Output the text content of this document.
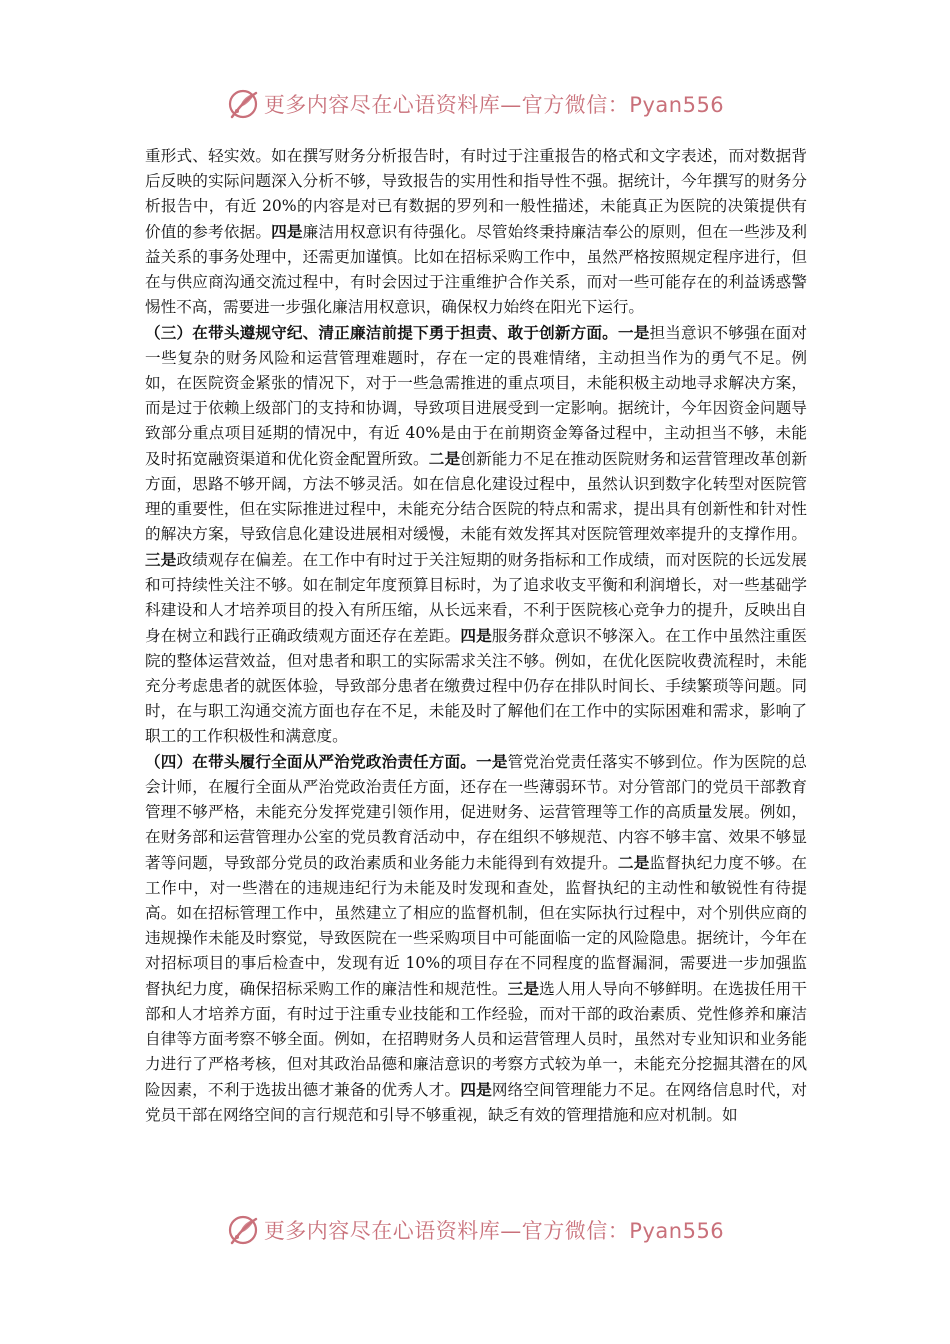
更多内容尽在心语资料库—官方微信：Pyan556

重形式、轻实效。如在撰写财务分析报告时，有时过于注重报告的格式和文字表述，而对数据背后反映的实际问题深入分析不够，导致报告的实用性和指导性不强。据统计，今年撰写的财务分析报告中，有近 20%的内容是对已有数据的罗列和一般性描述，未能真正为医院的决策提供有价值的参考依据。四是廉洁用权意识有待强化。尽管始终秉持廉洁奉公的原则，但在一些涉及利益关系的事务处理中，还需更加谨慎。比如在招标采购工作中，虽然严格按照规定程序进行，但在与供应商沟通交流过程中，有时会因过于注重维护合作关系，而对一些可能存在的利益诱惑警惕性不高，需要进一步强化廉洁用权意识，确保权力始终在阳光下运行。

（三）在带头遵规守纪、清正廉洁前提下勇于担责、敢于创新方面。一是担当意识不够强在面对一些复杂的财务风险和运营管理难题时，存在一定的畏难情绪，主动担当作为的勇气不足。例如，在医院资金紧张的情况下，对于一些急需推进的重点项目，未能积极主动地寻求解决方案，而是过于依赖上级部门的支持和协调，导致项目进展受到一定影响。据统计，今年因资金问题导致部分重点项目延期的情况中，有近 40%是由于在前期资金筹备过程中，主动担当不够，未能及时拓宽融资渠道和优化资金配置所致。二是创新能力不足在推动医院财务和运营管理改革创新方面，思路不够开阔，方法不够灵活。如在信息化建设过程中，虽然认识到数字化转型对医院管理的重要性，但在实际推进过程中，未能充分结合医院的特点和需求，提出具有创新性和针对性的解决方案，导致信息化建设进展相对缓慢，未能有效发挥其对医院管理效率提升的支撑作用。三是政绩观存在偏差。在工作中有时过于关注短期的财务指标和工作成绩，而对医院的长远发展和可持续性关注不够。如在制定年度预算目标时，为了追求收支平衡和利润增长，对一些基础学科建设和人才培养项目的投入有所压缩，从长远来看，不利于医院核心竞争力的提升，反映出自身在树立和践行正确政绩观方面还存在差距。四是服务群众意识不够深入。在工作中虽然注重医院的整体运营效益，但对患者和职工的实际需求关注不够。例如，在优化医院收费流程时，未能充分考虑患者的就医体验，导致部分患者在缴费过程中仍存在排队时间长、手续繁琐等问题。同时，在与职工沟通交流方面也存在不足，未能及时了解他们在工作中的实际困难和需求，影响了职工的工作积极性和满意度。

（四）在带头履行全面从严治党政治责任方面。一是管党治党责任落实不够到位。作为医院的总会计师，在履行全面从严治党政治责任方面，还存在一些薄弱环节。对分管部门的党员干部教育管理不够严格，未能充分发挥党建引领作用，促进财务、运营管理等工作的高质量发展。例如，在财务部和运营管理办公室的党员教育活动中，存在组织不够规范、内容不够丰富、效果不够显著等问题，导致部分党员的政治素质和业务能力未能得到有效提升。二是监督执纪力度不够。在工作中，对一些潜在的违规违纪行为未能及时发现和查处，监督执纪的主动性和敏锐性有待提高。如在招标管理工作中，虽然建立了相应的监督机制，但在实际执行过程中，对个别供应商的违规操作未能及时察觉，导致医院在一些采购项目中可能面临一定的风险隐患。据统计，今年在对招标项目的事后检查中，发现有近 10%的项目存在不同程度的监督漏洞，需要进一步加强监督执纪力度，确保招标采购工作的廉洁性和规范性。三是选人用人导向不够鲜明。在选拔任用干部和人才培养方面，有时过于注重专业技能和工作经验，而对干部的政治素质、党性修养和廉洁自律等方面考察不够全面。例如，在招聘财务人员和运营管理人员时，虽然对专业知识和业务能力进行了严格考核，但对其政治品德和廉洁意识的考察方式较为单一，未能充分挖掘其潜在的风险因素，不利于选拔出德才兼备的优秀人才。四是网络空间管理能力不足。在网络信息时代，对党员干部在网络空间的言行规范和引导不够重视，缺乏有效的管理措施和应对机制。如

更多内容尽在心语资料库—官方微信：Pyan556
